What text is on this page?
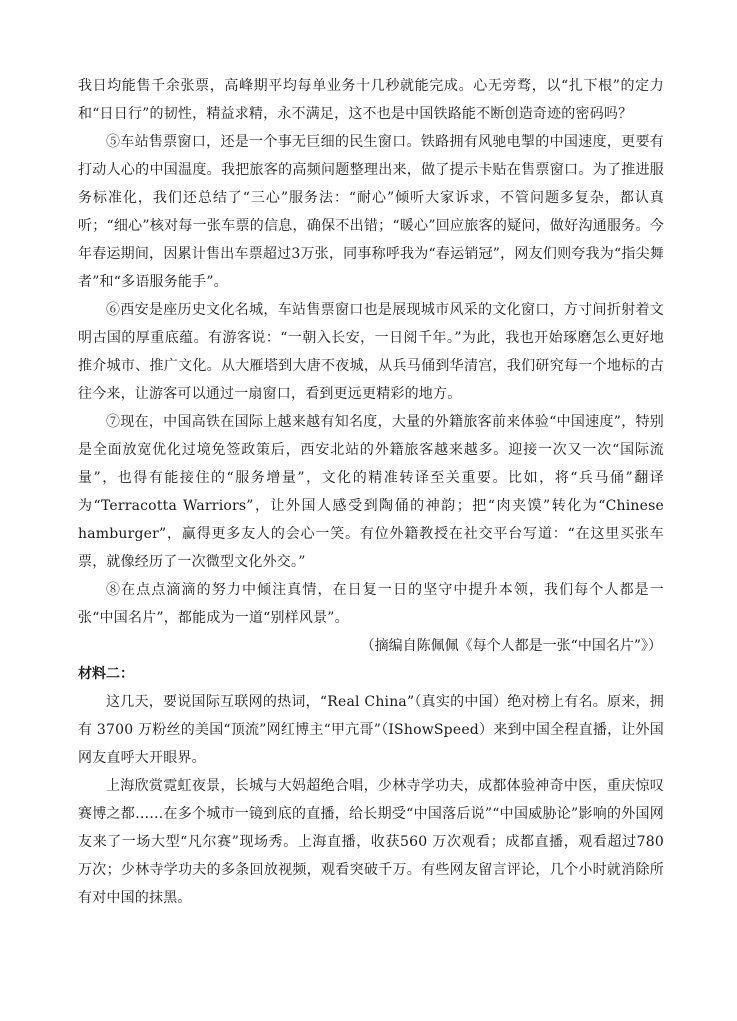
我日均能售千余张票，高峰期平均每单业务十几秒就能完成。心无旁骛，以“扎下根”的定力和“日日行”的韧性，精益求精，永不满足，这不也是中国铁路能不断创造奇迹的密码吗？

⑤车站售票窗口，还是一个事无巨细的民生窗口。铁路拥有风驰电掣的中国速度，更要有打动人心的中国温度。我把旅客的高频问题整理出来，做了提示卡贴在售票窗口。为了推进服务标准化，我们还总结了“三心”服务法：“耐心”倾听大家诉求，不管问题多复杂，都认真听；“细心”核对每一张车票的信息，确保不出错；“暖心”回应旅客的疑问，做好沟通服务。今年春运期间，因累计售出车票超过3万张，同事称呼我为“春运销冠”，网友们则夸我为“指尖舞者”和“多语服务能手”。

⑥西安是座历史文化名城，车站售票窗口也是展现城市风采的文化窗口，方寸间折射着文明古国的厚重底蕴。有游客说：“一朝入长安，一日阅千年。”为此，我也开始琢磨怎么更好地推介城市、推广文化。从大雁塔到大唐不夜城，从兵马俑到华清宫，我们研究每一个地标的古往今来，让游客可以通过一扇窗口，看到更远更精彩的地方。

⑦现在，中国高铁在国际上越来越有知名度，大量的外籍旅客前来体验“中国速度”，特别是全面放宽优化过境免签政策后，西安北站的外籍旅客越来越多。迎接一次又一次“国际流量”，也得有能接住的“服务增量”，文化的精准转译至关重要。比如，将“兵马俑”翻译为“Terracotta Warriors”，让外国人感受到陶俑的神韵；把“肉夹馍”转化为“Chinese hamburger”，赢得更多友人的会心一笑。有位外籍教授在社交平台写道：“在这里买张车票，就像经历了一次微型文化外交。”

⑧在点点滴滴的努力中倾注真情，在日复一日的坚守中提升本领，我们每个人都是一张“中国名片”，都能成为一道“别样风景”。

（摘编自陈佩佩《每个人都是一张“中国名片”》）

材料二：

这几天，要说国际互联网的热词，“Real China”（真实的中国）绝对榜上有名。原来，拥有 3700 万粉丝的美国“顶流”网红博主“甲亢哥”（IShowSpeed）来到中国全程直播，让外国网友直呼大开眼界。

上海欣赏霓虹夜景，长城与大妈超绝合唱，少林寺学功夫，成都体验神奇中医，重庆惊叹赛博之都……在多个城市一镜到底的直播，给长期受“中国落后说”“中国威胁论”影响的外国网友来了一场大型“凡尔赛”现场秀。上海直播，收获560 万次观看；成都直播，观看超过780 万次；少林寺学功夫的多条回放视频，观看突破千万。有些网友留言评论，几个小时就消除所有对中国的抹黑。
